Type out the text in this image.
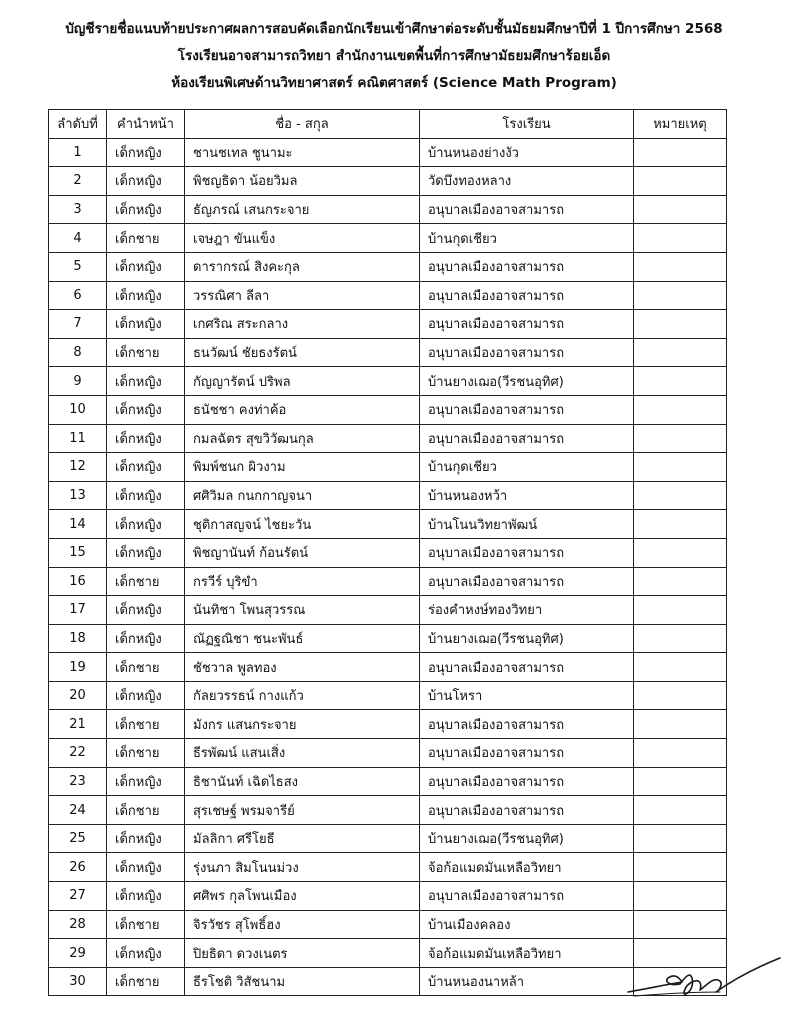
บัญชีรายชื่อแนบท้ายประกาศผลการสอบคัดเลือกนักเรียนเข้าศึกษาต่อระดับชั้นมัธยมศึกษาปีที่ 1 ปีการศึกษา 2568
โรงเรียนอาจสามารถวิทยา สำนักงานเขตพื้นที่การศึกษามัธยมศึกษาร้อยเอ็ด
ห้องเรียนพิเศษด้านวิทยาศาสตร์ คณิตศาสตร์ (Science Math Program)
ลำดับที่	คำนำหน้า	ชื่อ - สกุล	โรงเรียน	หมายเหตุ
1	เด็กหญิง	ชานชเทล ชูนามะ	บ้านหนองย่างงัว	
2	เด็กหญิง	พิชญธิดา น้อยวิมล	วัดบึงทองหลาง	
3	เด็กหญิง	ธัญภรณ์ เสนกระจาย	อนุบาลเมืองอาจสามารถ	
4	เด็กชาย	เจษฎา ขันแข็ง	บ้านกุดเชียว	
5	เด็กหญิง	ดารากรณ์ สิงคะกุล	อนุบาลเมืองอาจสามารถ	
6	เด็กหญิง	วรรณิศา ลีลา	อนุบาลเมืองอาจสามารถ	
7	เด็กหญิง	เกศริณ สระกลาง	อนุบาลเมืองอาจสามารถ	
8	เด็กชาย	ธนวัฒน์ ชัยธงรัตน์	อนุบาลเมืองอาจสามารถ	
9	เด็กหญิง	กัญญารัตน์ ปริพล	บ้านยางเฌอ(วีรชนอุทิศ)	
10	เด็กหญิง	ธนัชชา คงท่าค้อ	อนุบาลเมืองอาจสามารถ	
11	เด็กหญิง	กมลฉัตร สุขวิวัฒนกุล	อนุบาลเมืองอาจสามารถ	
12	เด็กหญิง	พิมพ์ชนก ผิวงาม	บ้านกุดเชียว	
13	เด็กหญิง	ศศิวิมล กนกกาญจนา	บ้านหนองหว้า	
14	เด็กหญิง	ชุติกาสญจน์ ไชยะวัน	บ้านโนนวิทยาพัฒน์	
15	เด็กหญิง	พิชญานันท์ ก้อนรัตน์	อนุบาลเมืองอาจสามารถ	
16	เด็กชาย	กรวีร์ บุริขำ	อนุบาลเมืองอาจสามารถ	
17	เด็กหญิง	นันทิชา โพนสุวรรณ	ร่องคำหงษ์ทองวิทยา	
18	เด็กหญิง	ณัฏฐณิชา ชนะพันธ์	บ้านยางเฌอ(วีรชนอุทิศ)	
19	เด็กชาย	ชัชวาล พูลทอง	อนุบาลเมืองอาจสามารถ	
20	เด็กหญิง	กัลยวรรธน์ กางแก้ว	บ้านโหรา	
21	เด็กชาย	มังกร แสนกระจาย	อนุบาลเมืองอาจสามารถ	
22	เด็กชาย	ธีรพัฒน์ แสนเสิ่ง	อนุบาลเมืองอาจสามารถ	
23	เด็กหญิง	ธิชานันท์ เฉิดไธสง	อนุบาลเมืองอาจสามารถ	
24	เด็กชาย	สุรเชษฐ์ พรมจารีย์	อนุบาลเมืองอาจสามารถ	
25	เด็กหญิง	มัลลิกา ศรีโยธี	บ้านยางเฌอ(วีรชนอุทิศ)	
26	เด็กหญิง	รุ่งนภา สิมโนนม่วง	จ้อก้อแมดมันเหลือวิทยา	
27	เด็กหญิง	ศศิพร กุลโพนเมือง	อนุบาลเมืองอาจสามารถ	
28	เด็กชาย	จิรวัชร สุโพธิ์ฮง	บ้านเมืองคลอง	
29	เด็กหญิง	ปิยธิดา ดวงเนตร	จ้อก้อแมดมันเหลือวิทยา	
30	เด็กชาย	ธีรโชติ วิสัชนาม	บ้านหนองนาหล้า	
